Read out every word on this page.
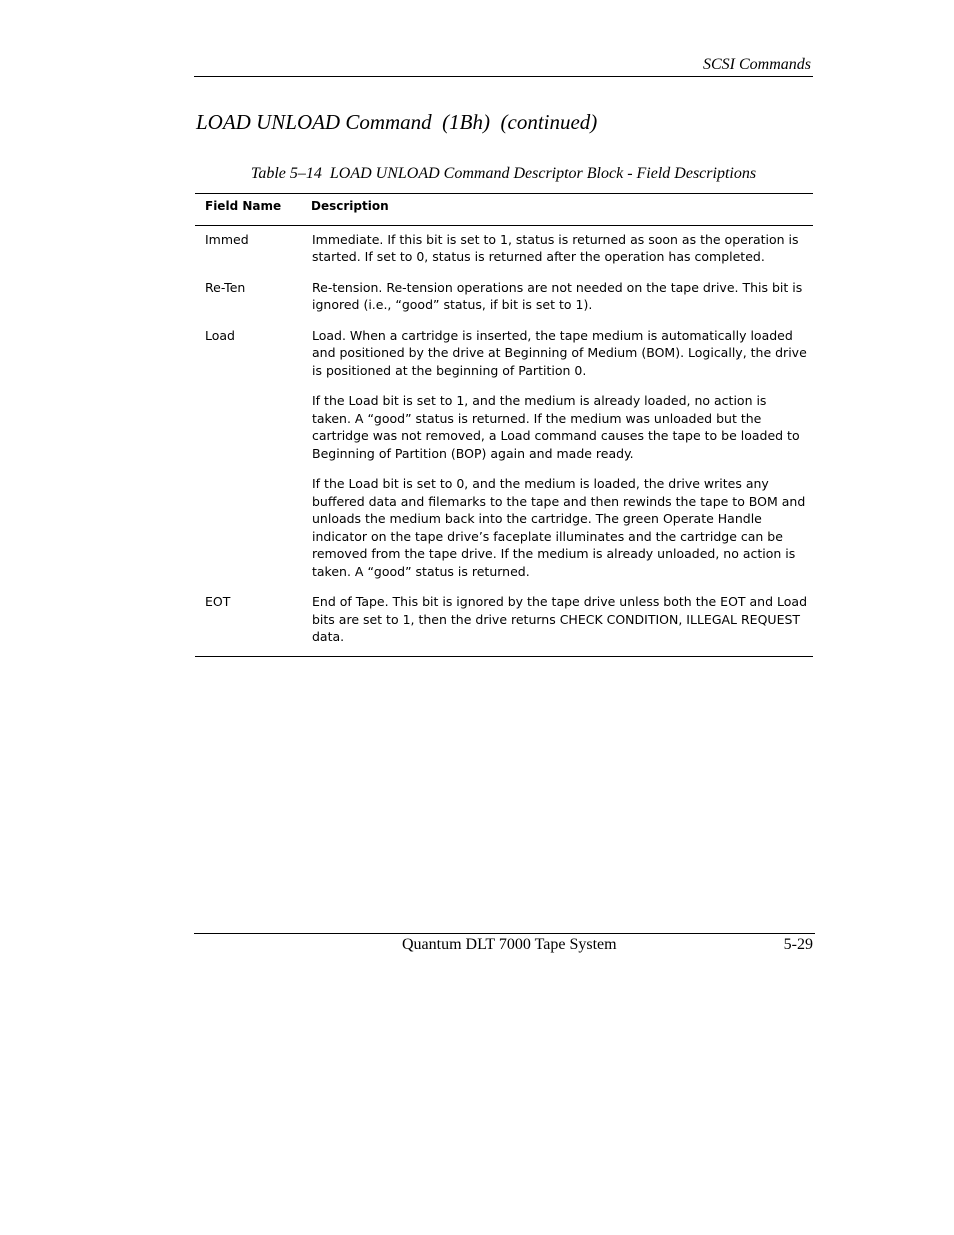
SCSI Commands
LOAD UNLOAD Command  (1Bh)  (continued)
Table 5–14  LOAD UNLOAD Command Descriptor Block - Field Descriptions
Field Name	Description
Immed	Immediate. If this bit is set to 1, status is returned as soon as the operation is started. If set to 0, status is returned after the operation has completed.

Re-Ten	Re-tension. Re-tension operations are not needed on the tape drive. This bit is ignored (i.e., “good” status, if bit is set to 1).

Load	Load. When a cartridge is inserted, the tape medium is automatically loaded and positioned by the drive at Beginning of Medium (BOM). Logically, the drive is positioned at the beginning of Partition 0.

If the Load bit is set to 1, and the medium is already loaded, no action is taken. A “good” status is returned. If the medium was unloaded but the cartridge was not removed, a Load command causes the tape to be loaded to Beginning of Partition (BOP) again and made ready.

If the Load bit is set to 0, and the medium is loaded, the drive writes any buffered data and filemarks to the tape and then rewinds the tape to BOM and unloads the medium back into the cartridge. The green Operate Handle indicator on the tape drive’s faceplate illuminates and the cartridge can be removed from the tape drive. If the medium is already unloaded, no action is taken. A “good” status is returned.

EOT	End of Tape. This bit is ignored by the tape drive unless both the EOT and Load bits are set to 1, then the drive returns CHECK CONDITION, ILLEGAL REQUEST data.

Quantum DLT 7000 Tape System	5-29
